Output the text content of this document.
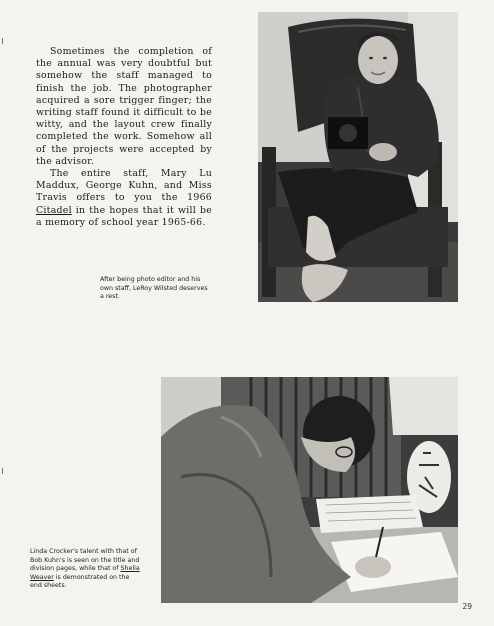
Sometimes the completion of the annual was very doubtful but somehow the staff managed to finish the job. The photographer acquired a sore trigger finger; the writing staff found it difficult to be witty, and the layout crew finally completed the work. Somehow all of the projects were accepted by the advisor.

The entire staff, Mary Lu Maddux, George Kuhn, and Miss Travis offers to you the 1966 Citadel in the hopes that it will be a memory of school year 1965-66.

After being photo editor and his own staff, LeRoy Wilsted deserves a rest.

Linda Crocker's talent with that of Bob Kuhn's is seen on the title and division pages, while that of Shelia Weaver is demonstrated on the end sheets.

29
